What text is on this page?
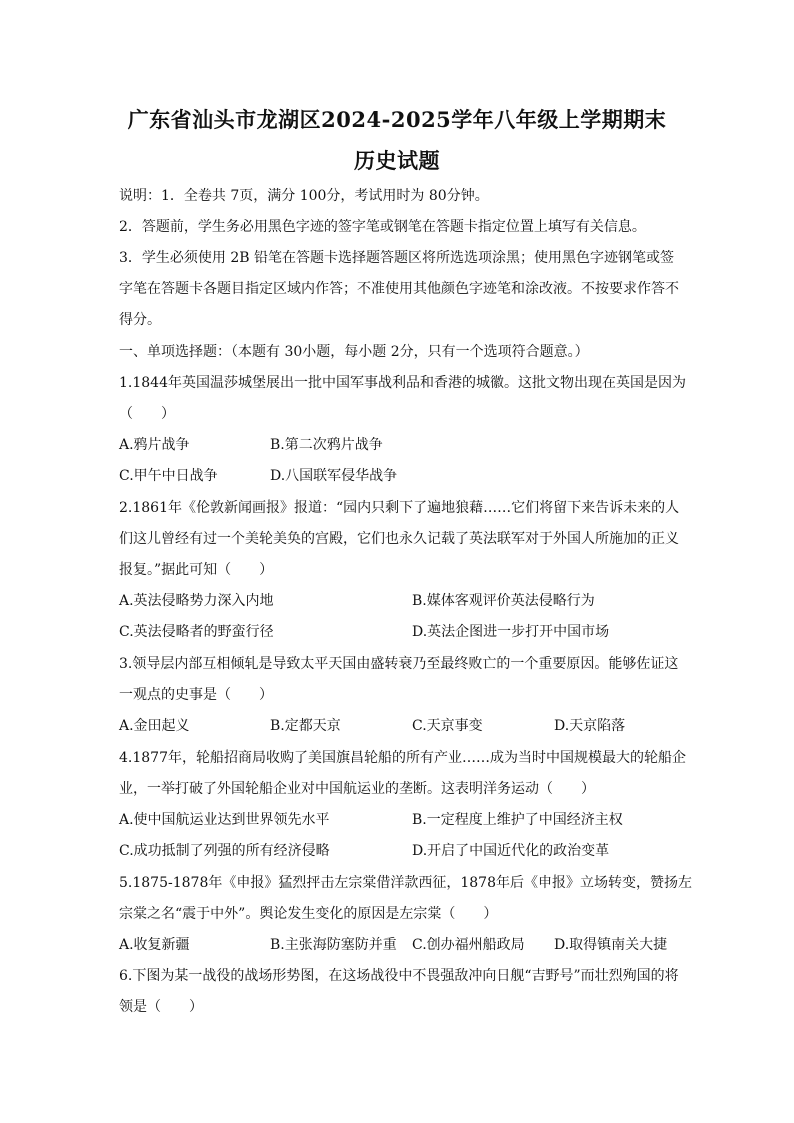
广东省汕头市龙湖区2024-2025学年八年级上学期期末
历史试题
说明：1．全卷共 7页，满分 100分，考试用时为 80分钟。
2．答题前，学生务必用黑色字迹的签字笔或钢笔在答题卡指定位置上填写有关信息。
3．学生必须使用 2B 铅笔在答题卡选择题答题区将所选选项涂黑；使用黑色字迹钢笔或签
字笔在答题卡各题目指定区域内作答；不准使用其他颜色字迹笔和涂改液。不按要求作答不
得分。
一、单项选择题：（本题有 30小题，每小题 2分，只有一个选项符合题意。）
1.1844年英国温莎城堡展出一批中国军事战利品和香港的城徽。这批文物出现在英国是因为
（　　）
A.鸦片战争	B.第二次鸦片战争
C.甲午中日战争	D.八国联军侵华战争
2.1861年《伦敦新闻画报》报道：“园内只剩下了遍地狼藉……它们将留下来告诉未来的人
们这儿曾经有过一个美轮美奂的宫殿，它们也永久记载了英法联军对于外国人所施加的正义
报复。”据此可知（　　）
A.英法侵略势力深入内地	B.媒体客观评价英法侵略行为
C.英法侵略者的野蛮行径	D.英法企图进一步打开中国市场
3.领导层内部互相倾轧是导致太平天国由盛转衰乃至最终败亡的一个重要原因。能够佐证这
一观点的史事是（　　）
A.金田起义	B.定都天京	C.天京事变	D.天京陷落
4.1877年，轮船招商局收购了美国旗昌轮船的所有产业……成为当时中国规模最大的轮船企
业，一举打破了外国轮船企业对中国航运业的垄断。这表明洋务运动（　　）
A.使中国航运业达到世界领先水平	B.一定程度上维护了中国经济主权
C.成功抵制了列强的所有经济侵略	D.开启了中国近代化的政治变革
5.1875-1878年《申报》猛烈抨击左宗棠借洋款西征，1878年后《申报》立场转变，赞扬左
宗棠之名“震于中外”。舆论发生变化的原因是左宗棠（　　）
A.收复新疆	B.主张海防塞防并重 C.创办福州船政局 D.取得镇南关大捷
6.下图为某一战役的战场形势图，在这场战役中不畏强敌冲向日舰“吉野号”而壮烈殉国的将
领是（　　）
